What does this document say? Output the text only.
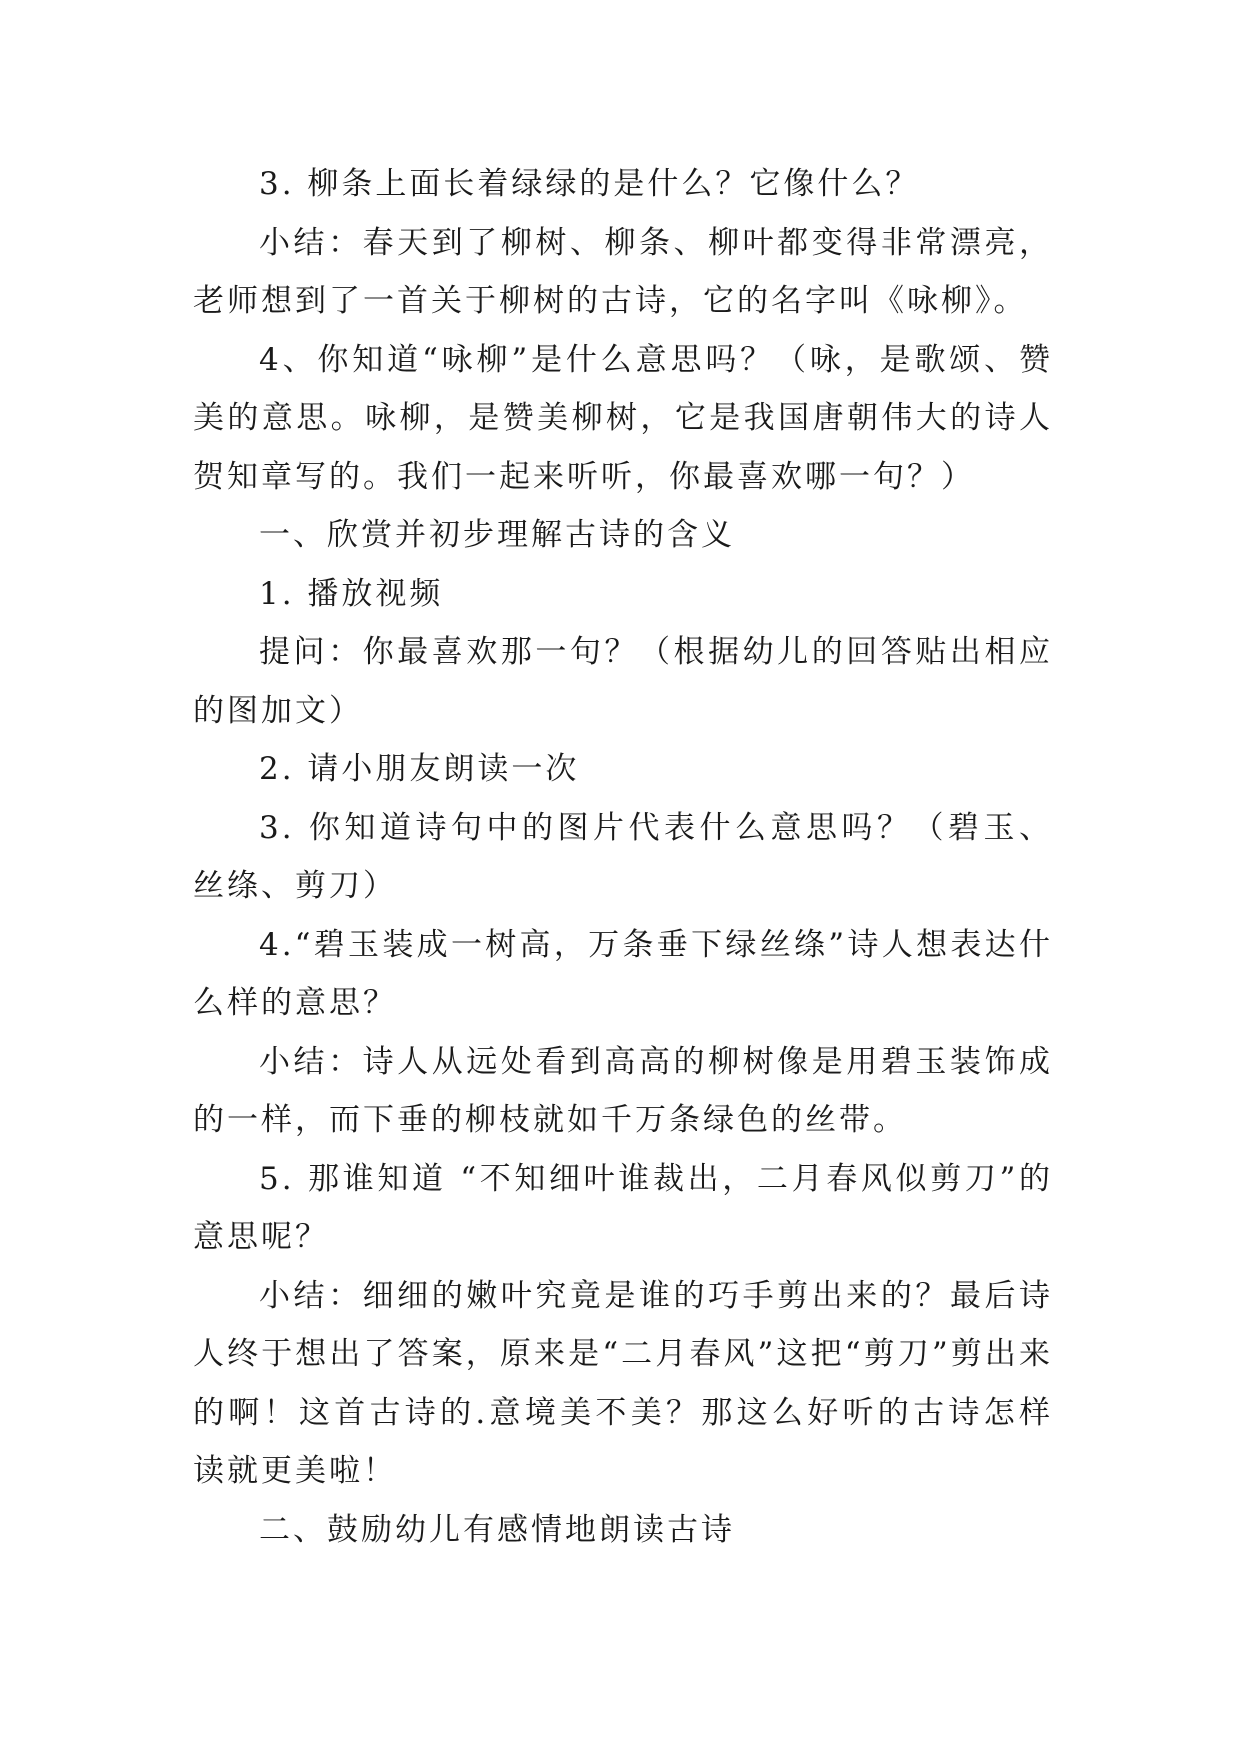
3. 柳条上面长着绿绿的是什么？它像什么？

小结：春天到了柳树、柳条、柳叶都变得非常漂亮，老师想到了一首关于柳树的古诗，它的名字叫《咏柳》。

4、你知道“咏柳”是什么意思吗？（咏，是歌颂、赞美的意思。咏柳，是赞美柳树，它是我国唐朝伟大的诗人贺知章写的。我们一起来听听，你最喜欢哪一句？）

一、欣赏并初步理解古诗的含义

1. 播放视频

提问：你最喜欢那一句？（根据幼儿的回答贴出相应的图加文）

2. 请小朋友朗读一次

3. 你知道诗句中的图片代表什么意思吗？（碧玉、丝绦、剪刀）

4.“碧玉装成一树高，万条垂下绿丝绦”诗人想表达什么样的意思？

小结：诗人从远处看到高高的柳树像是用碧玉装饰成的一样，而下垂的柳枝就如千万条绿色的丝带。

5. 那谁知道 “不知细叶谁裁出，二月春风似剪刀”的意思呢？

小结：细细的嫩叶究竟是谁的巧手剪出来的？最后诗人终于想出了答案，原来是“二月春风”这把“剪刀”剪出来的啊！这首古诗的.意境美不美？那这么好听的古诗怎样读就更美啦！

二、鼓励幼儿有感情地朗读古诗
